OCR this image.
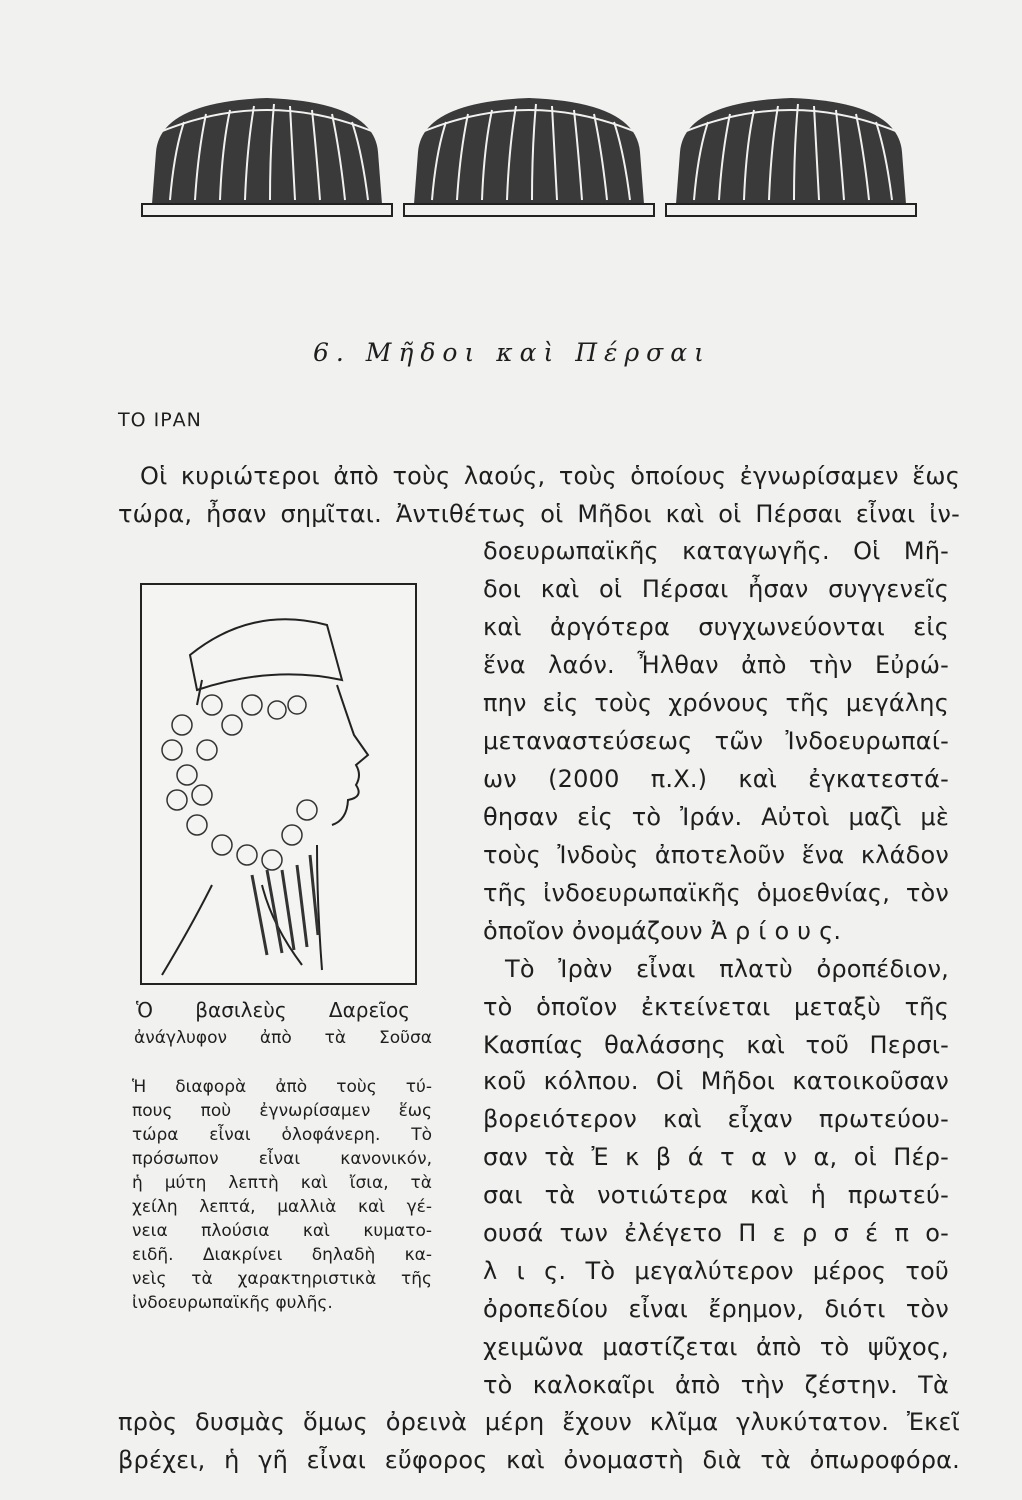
6. Μῆδοι καὶ Πέρσαι
ΤΟ ΙΡΑΝ
Οἱ κυριώτεροι ἀπὸ τοὺς λαούς, τοὺς ὁποίους ἐγνωρίσαμεν ἕως
τώρα, ἦσαν σημῖται. Ἀντιθέτως οἱ Μῆδοι καὶ οἱ Πέρσαι εἶναι ἰν-
Ὁ βασιλεὺς Δαρεῖος
ἀνάγλυφον ἀπὸ τὰ Σοῦσα
Ἡ διαφορὰ ἀπὸ τοὺς τύ-
πους ποὺ ἐγνωρίσαμεν ἕως
τώρα εἶναι ὁλοφάνερη. Τὸ
πρόσωπον εἶναι κανονικόν,
ἡ μύτη λεπτὴ καὶ ἴσια, τὰ
χείλη λεπτά, μαλλιὰ καὶ γέ-
νεια πλούσια καὶ κυματο-
ειδῆ. Διακρίνει δηλαδὴ κα-
νεὶς τὰ χαρακτηριστικὰ τῆς
ἰνδοευρωπαϊκῆς φυλῆς.
δοευρωπαϊκῆς καταγωγῆς. Οἱ Μῆ-
δοι καὶ οἱ Πέρσαι ἦσαν συγγενεῖς
καὶ ἀργότερα συγχωνεύονται εἰς
ἕνα λαόν. Ἦλθαν ἀπὸ τὴν Εὐρώ-
πην εἰς τοὺς χρόνους τῆς μεγάλης
μεταναστεύσεως τῶν Ἰνδοευρωπαί-
ων (2000 π.Χ.) καὶ ἐγκατεστά-
θησαν εἰς τὸ Ἰράν. Αὐτοὶ μαζὶ μὲ
τοὺς Ἰνδοὺς ἀποτελοῦν ἕνα κλάδον
τῆς ἰνδοευρωπαϊκῆς ὁμοεθνίας, τὸν
ὁποῖον ὀνομάζουν Ἀ ρ ί ο υ ς.
Τὸ Ἰρὰν εἶναι πλατὺ ὀροπέδιον,
τὸ ὁποῖον ἐκτείνεται μεταξὺ τῆς
Κασπίας θαλάσσης καὶ τοῦ Περσι-
κοῦ κόλπου. Οἱ Μῆδοι κατοικοῦσαν
βορειότερον καὶ εἶχαν πρωτεύου-
σαν τὰ Ἐ κ β ά τ α ν α, οἱ Πέρ-
σαι τὰ νοτιώτερα καὶ ἡ πρωτεύ-
ουσά των ἐλέγετο Π ε ρ σ έ π ο-
λ ι ς. Τὸ μεγαλύτερον μέρος τοῦ
ὀροπεδίου εἶναι ἔρημον, διότι τὸν
χειμῶνα μαστίζεται ἀπὸ τὸ ψῦχος,
τὸ καλοκαῖρι ἀπὸ τὴν ζέστην. Τὰ
πρὸς δυσμὰς ὅμως ὀρεινὰ μέρη ἔχουν κλῖμα γλυκύτατον. Ἐκεῖ
βρέχει, ἡ γῆ εἶναι εὔφορος καὶ ὀνομαστὴ διὰ τὰ ὀπωροφόρα.
